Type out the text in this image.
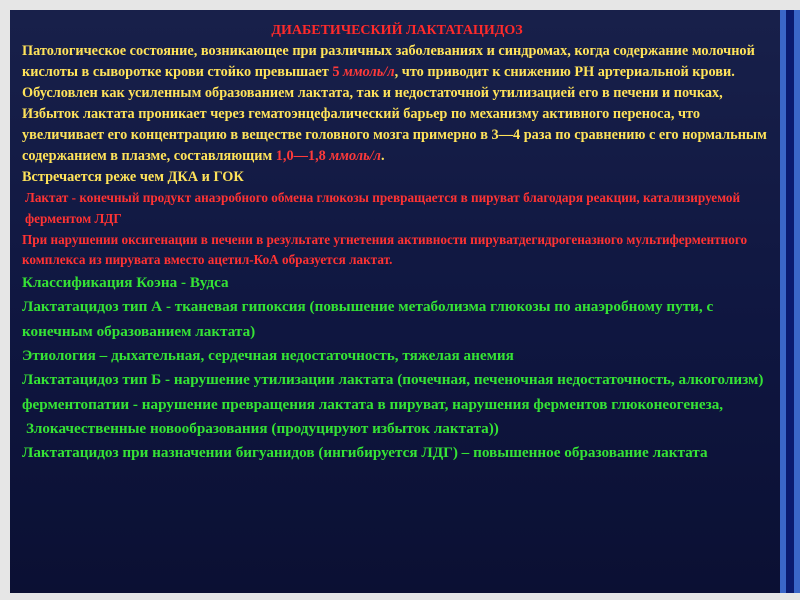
ДИАБЕТИЧЕСКИЙ ЛАКТАТАЦИДОЗ

Патологическое состояние, возникающее при различных заболеваниях и синдромах, когда содержание молочной кислоты в сыворотке крови стойко превышает 5 ммоль/л, что приводит к снижению PH артериальной крови. Обусловлен как усиленным образованием лактата, так и недостаточной утилизацией его в печени и почках, Избыток лактата проникает через гематоэнцефалический барьер по механизму активного переноса, что увеличивает его концентрацию в веществе головного мозга примерно в 3—4 раза по сравнению с его нормальным содержанием в плазме, составляющим 1,0—1,8 ммоль/л.

Встречается реже чем ДКА и ГОК

Лактат - конечный продукт анаэробного обмена глюкозы превращается в пируват благодаря реакции, катализируемой ферментом ЛДГ

При нарушении оксигенации в печени в результате угнетения активности пируватдегидрогеназного мультиферментного комплекса из пирувата вместо ацетил-КоА образуется лактат.

Классификация Коэна - Вудса

Лактатацидоз тип А - тканевая гипоксия (повышение метаболизма глюкозы по анаэробному пути, с конечным образованием лактата)

Этиология – дыхательная, сердечная недостаточность, тяжелая анемия

Лактатацидоз тип Б - нарушение утилизации лактата (почечная, печеночная недостаточность, алкоголизм) ферментопатии - нарушение превращения лактата в пируват, нарушения ферментов глюконеогенеза,

Злокачественные новообразования (продуцируют избыток лактата))

Лактатацидоз при назначении бигуанидов (ингибируется ЛДГ) – повышенное образование лактата
